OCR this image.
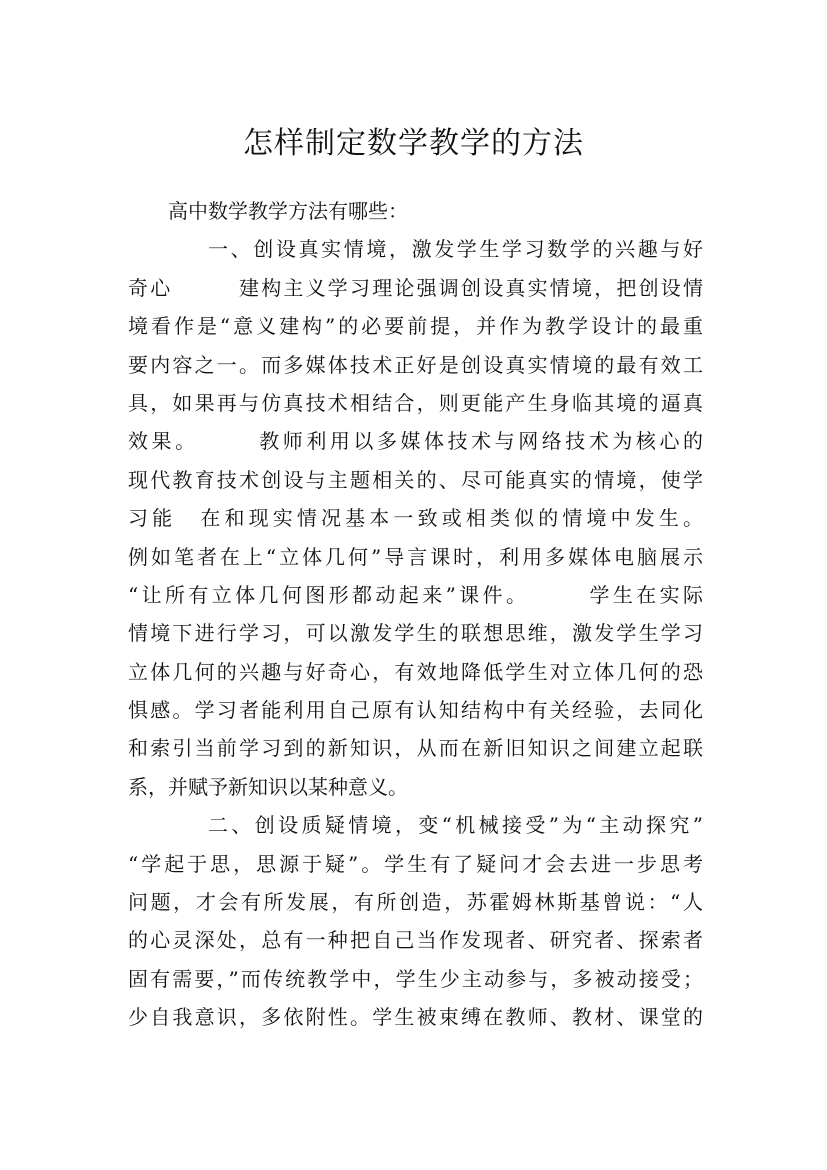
怎样制定数学教学的方法
高中数学教学方法有哪些：
一、创设真实情境，激发学生学习数学的兴趣与好
奇心　　　建构主义学习理论强调创设真实情境，把创设情
境看作是“意义建构”的必要前提，并作为教学设计的最重
要内容之一。而多媒体技术正好是创设真实情境的最有效工
具，如果再与仿真技术相结合，则更能产生身临其境的逼真
效果。　　　教师利用以多媒体技术与网络技术为核心的
现代教育技术创设与主题相关的、尽可能真实的情境，使学
习能　在和现实情况基本一致或相类似的情境中发生。
例如笔者在上“立体几何”导言课时，利用多媒体电脑展示
“让所有立体几何图形都动起来”课件。　　　学生在实际
情境下进行学习，可以激发学生的联想思维，激发学生学习
立体几何的兴趣与好奇心，有效地降低学生对立体几何的恐
惧感。学习者能利用自己原有认知结构中有关经验，去同化
和索引当前学习到的新知识，从而在新旧知识之间建立起联
系，并赋予新知识以某种意义。
二、创设质疑情境，变“机械接受”为“主动探究”
“学起于思，思源于疑”。学生有了疑问才会去进一步思考
问题，才会有所发展，有所创造，苏霍姆林斯基曾说：“人
的心灵深处，总有一种把自己当作发现者、研究者、探索者
固有需要，”而传统教学中，学生少主动参与，多被动接受；
少自我意识，多依附性。学生被束缚在教师、教材、课堂的
